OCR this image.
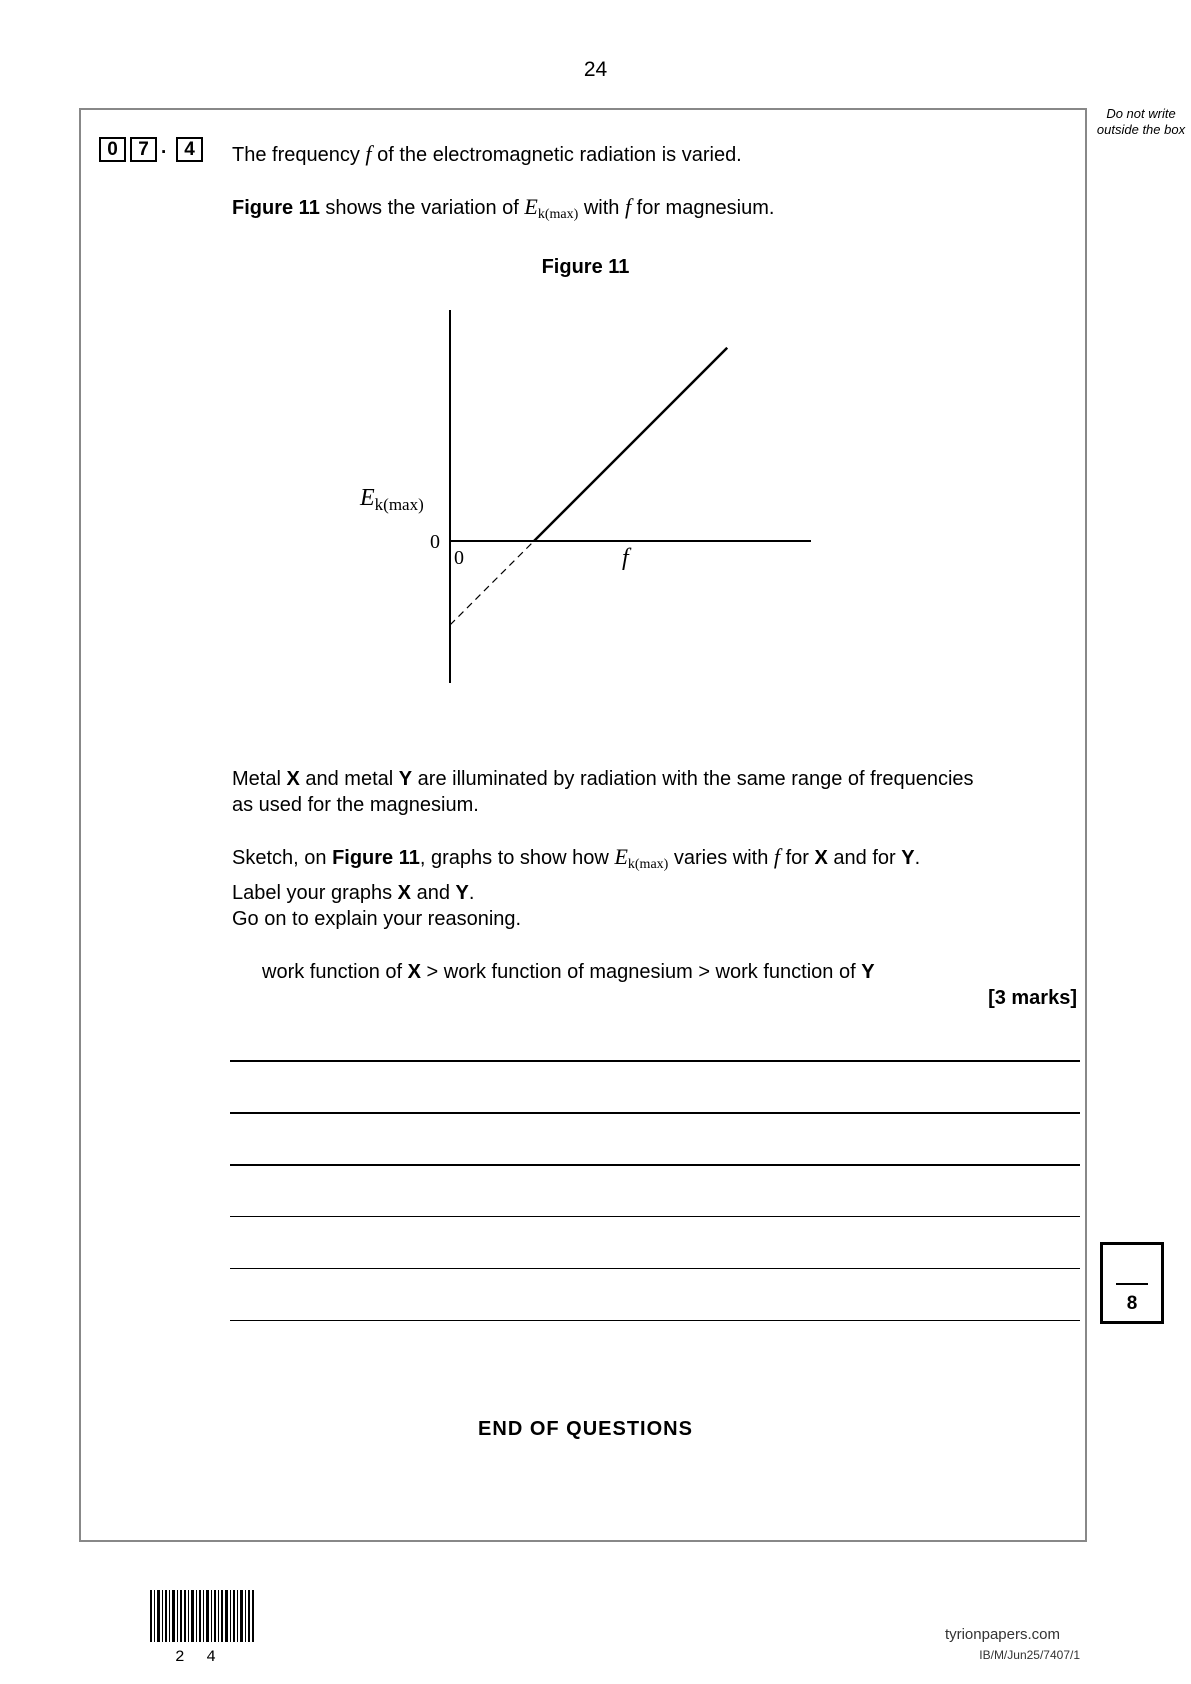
24
Do not write outside the box
0	7 . 4	The frequency f of the electromagnetic radiation is varied.
Figure 11 shows the variation of $E_{k(max)}$ with f for magnesium.
Figure 11
$E_{k(max)}$
0
0	f
Metal X and metal Y are illuminated by radiation with the same range of frequencies
as used for the magnesium.
Sketch, on Figure 11, graphs to show how $E_{k(max)}$ varies with f for X and for Y.
Label your graphs X and Y.
Go on to explain your reasoning.
work function of X > work function of magnesium > work function of Y
[3 marks]
8
END OF QUESTIONS
2 4
tyrionpapers.com
IB/M/Jun25/7407/1
